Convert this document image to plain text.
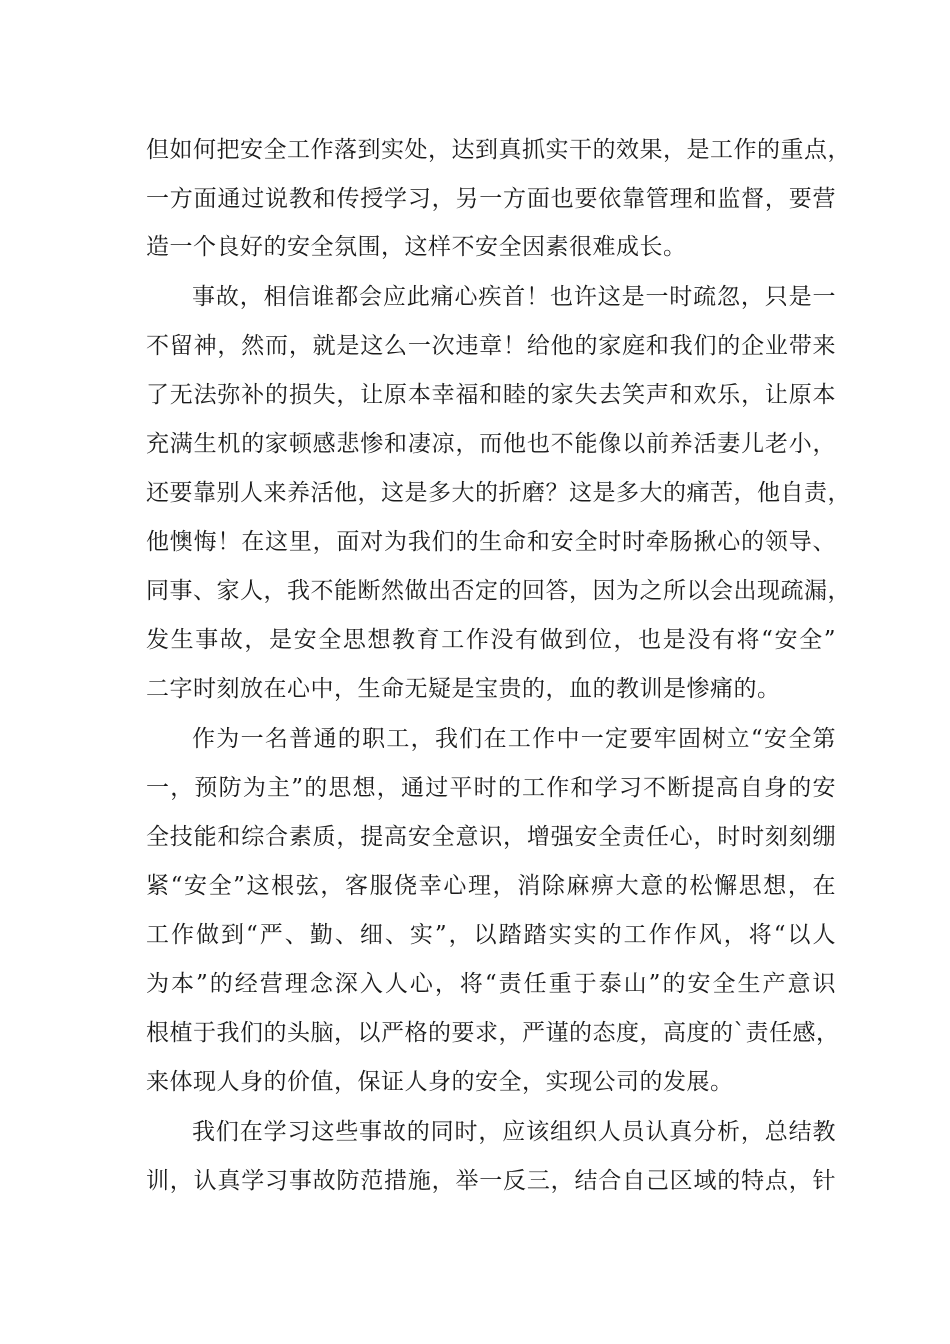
但如何把安全工作落到实处，达到真抓实干的效果，是工作的重点，
一方面通过说教和传授学习，另一方面也要依靠管理和监督，要营
造一个良好的安全氛围，这样不安全因素很难成长。
事故，相信谁都会应此痛心疾首！也许这是一时疏忽，只是一
不留神，然而，就是这么一次违章！给他的家庭和我们的企业带来
了无法弥补的损失，让原本幸福和睦的家失去笑声和欢乐，让原本
充满生机的家顿感悲惨和凄凉，而他也不能像以前养活妻儿老小，
还要靠别人来养活他，这是多大的折磨？这是多大的痛苦，他自责，
他懊悔！在这里，面对为我们的生命和安全时时牵肠揪心的领导、
同事、家人，我不能断然做出否定的回答，因为之所以会出现疏漏，
发生事故，是安全思想教育工作没有做到位，也是没有将“安全”
二字时刻放在心中，生命无疑是宝贵的，血的教训是惨痛的。
作为一名普通的职工，我们在工作中一定要牢固树立“安全第
一，预防为主”的思想，通过平时的工作和学习不断提高自身的安
全技能和综合素质，提高安全意识，增强安全责任心，时时刻刻绷
紧“安全”这根弦，客服侥幸心理，消除麻痹大意的松懈思想，在
工作做到“严、勤、细、实”，以踏踏实实的工作作风，将“以人
为本”的经营理念深入人心，将“责任重于泰山”的安全生产意识
根植于我们的头脑，以严格的要求，严谨的态度，高度的`责任感，
来体现人身的价值，保证人身的安全，实现公司的发展。
我们在学习这些事故的同时，应该组织人员认真分析，总结教
训，认真学习事故防范措施，举一反三，结合自己区域的特点，针
